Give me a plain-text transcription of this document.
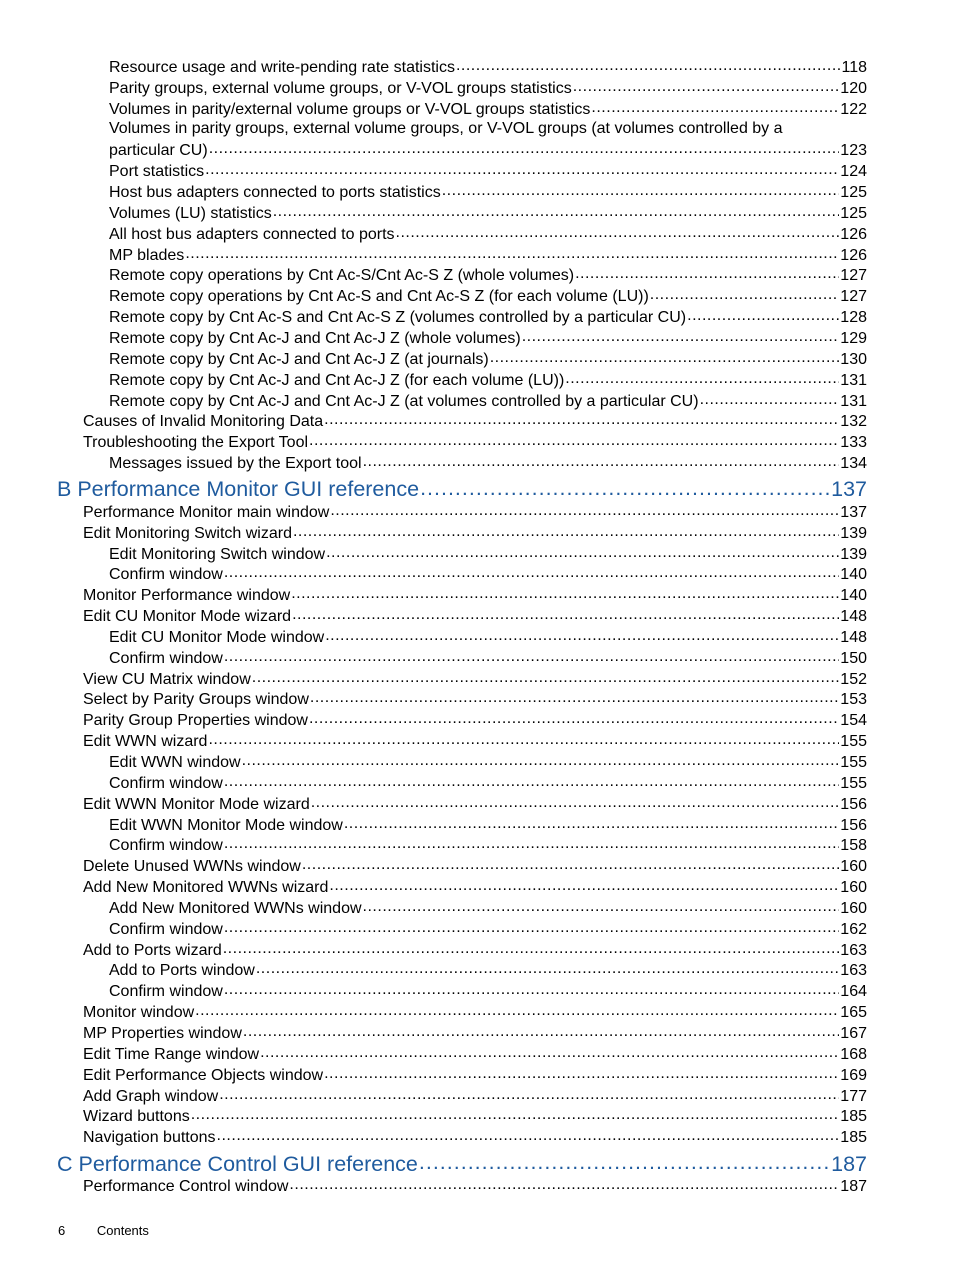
Resource usage and write-pending rate statistics .....	118
Parity groups, external volume groups, or V-VOL groups statistics .....	120
Volumes in parity/external volume groups or V-VOL groups statistics .....	122
Volumes in parity groups, external volume groups, or V-VOL groups (at volumes controlled by a
particular CU) .....	123
Port statistics .....	124
Host bus adapters connected to ports statistics .....	125
Volumes (LU) statistics .....	125
All host bus adapters connected to ports .....	126
MP blades .....	126
Remote copy operations by Cnt Ac-S/Cnt Ac-S Z (whole volumes) .....	127
Remote copy operations by Cnt Ac-S and Cnt Ac-S Z (for each volume (LU)) .....	127
Remote copy by Cnt Ac-S and Cnt Ac-S Z (volumes controlled by a particular CU) .....	128
Remote copy by Cnt Ac-J and Cnt Ac-J Z (whole volumes) .....	129
Remote copy by Cnt Ac-J and Cnt Ac-J Z (at journals) .....	130
Remote copy by Cnt Ac-J and Cnt Ac-J Z (for each volume (LU)) .....	131
Remote copy by Cnt Ac-J and Cnt Ac-J Z (at volumes controlled by a particular CU) .....	131
Causes of Invalid Monitoring Data .....	132
Troubleshooting the Export Tool .....	133
Messages issued by the Export tool .....	134
B Performance Monitor GUI reference .....	137
Performance Monitor main window .....	137
Edit Monitoring Switch wizard .....	139
Edit Monitoring Switch window .....	139
Confirm window .....	140
Monitor Performance window .....	140
Edit CU Monitor Mode wizard .....	148
Edit CU Monitor Mode window .....	148
Confirm window .....	150
View CU Matrix window .....	152
Select by Parity Groups window .....	153
Parity Group Properties window .....	154
Edit WWN wizard .....	155
Edit WWN window .....	155
Confirm window .....	155
Edit WWN Monitor Mode wizard .....	156
Edit WWN Monitor Mode window .....	156
Confirm window .....	158
Delete Unused WWNs window .....	160
Add New Monitored WWNs wizard .....	160
Add New Monitored WWNs window .....	160
Confirm window .....	162
Add to Ports wizard .....	163
Add to Ports window .....	163
Confirm window .....	164
Monitor window .....	165
MP Properties window .....	167
Edit Time Range window .....	168
Edit Performance Objects window .....	169
Add Graph window .....	177
Wizard buttons .....	185
Navigation buttons .....	185
C Performance Control GUI reference .....	187
Performance Control window .....	187
6 Contents
